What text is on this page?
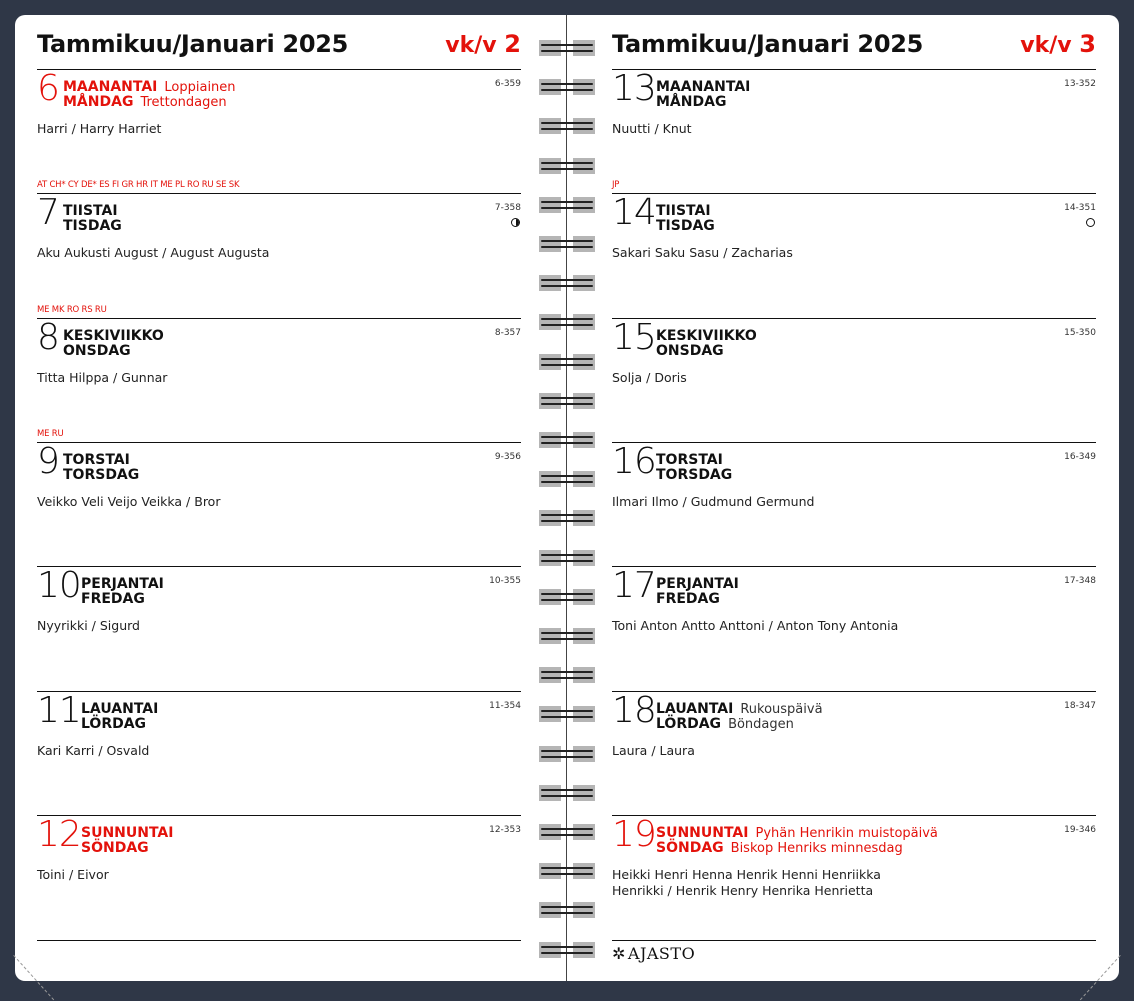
Tammikuu/Januari 2025	vk/v 2	Tammikuu/Januari 2025	vk/v 3
6 MAANANTAI Loppiainen
MÅNDAG Trettondagen
6-359
Harri / Harry Harriet
AT CH* CY DE* ES FI GR HR IT ME PL RO RU SE SK
7 TIISTAI
TISDAG
7-358
Aku Aukusti August / August Augusta
ME MK RO RS RU
8 KESKIVIIKKO
ONSDAG
8-357
Titta Hilppa / Gunnar
ME RU
9 TORSTAI
TORSDAG
9-356
Veikko Veli Veijo Veikka / Bror
10 PERJANTAI
FREDAG
10-355
Nyyrikki / Sigurd
11 LAUANTAI
LÖRDAG
11-354
Kari Karri / Osvald
12 SUNNUNTAI
SÖNDAG
12-353
Toini / Eivor
13 MAANANTAI
MÅNDAG
13-352
Nuutti / Knut
JP
14 TIISTAI
TISDAG
14-351
Sakari Saku Sasu / Zacharias
15 KESKIVIIKKO
ONSDAG
15-350
Solja / Doris
16 TORSTAI
TORSDAG
16-349
Ilmari Ilmo / Gudmund Germund
17 PERJANTAI
FREDAG
17-348
Toni Anton Antto Anttoni / Anton Tony Antonia
18 LAUANTAI Rukouspäivä
LÖRDAG Böndagen
18-347
Laura / Laura
19 SUNNUNTAI Pyhän Henrikin muistopäivä
SÖNDAG Biskop Henriks minnesdag
19-346
Heikki Henri Henna Henrik Henni Henriikka Henrikki / Henrik Henry Henrika Henrietta
✲ AJASTO
